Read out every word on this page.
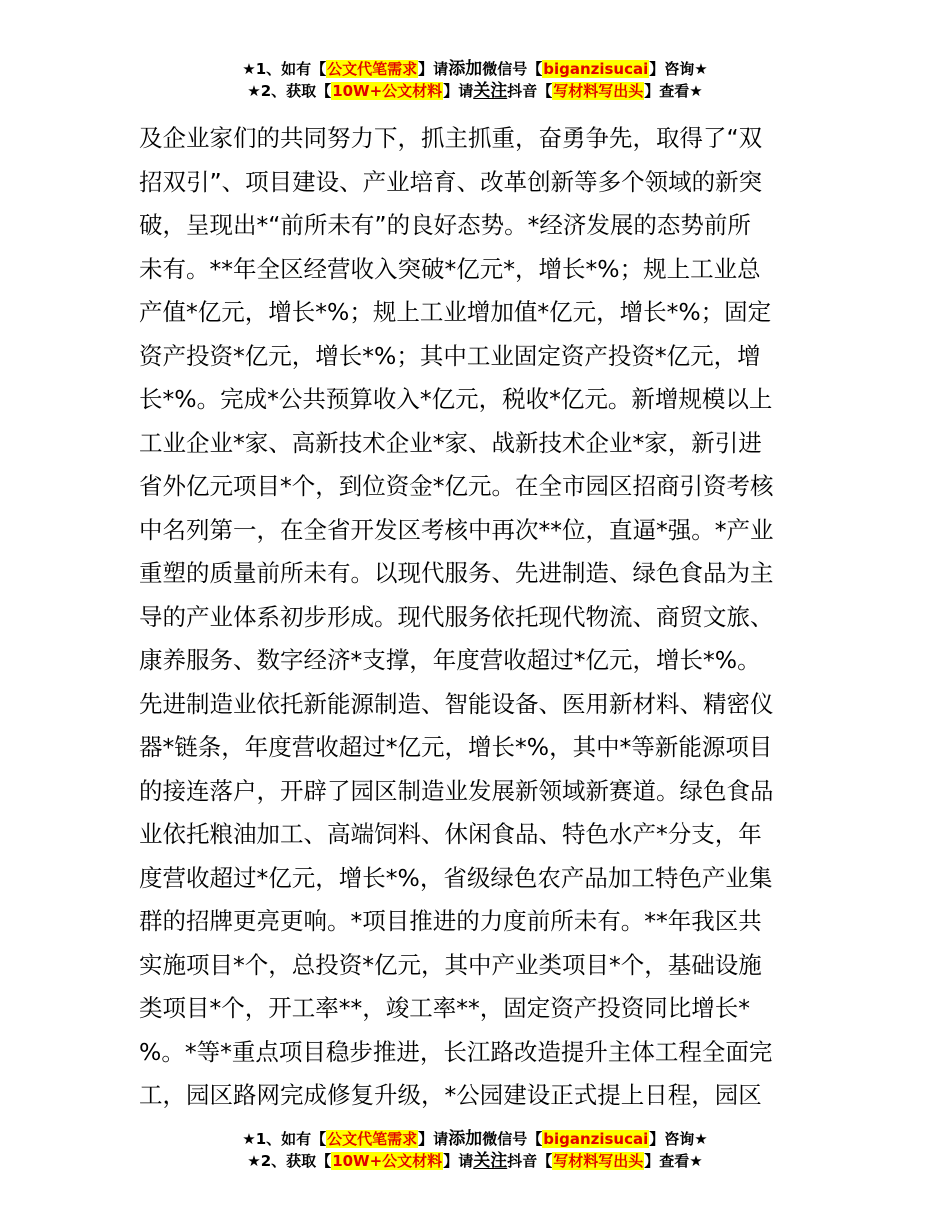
★1、如有【公文代笔需求】请添加微信号【biganzisucai】咨询★
★2、获取【10W+公文材料】请关注抖音【写材料写出头】查看★
及企业家们的共同努力下，抓主抓重，奋勇争先，取得了“双
招双引”、项目建设、产业培育、改革创新等多个领域的新突
破，呈现出*“前所未有”的良好态势。*经济发展的态势前所
未有。**年全区经营收入突破*亿元*，增长*%；规上工业总
产值*亿元，增长*%；规上工业增加值*亿元，增长*%；固定
资产投资*亿元，增长*%；其中工业固定资产投资*亿元，增
长*%。完成*公共预算收入*亿元，税收*亿元。新增规模以上
工业企业*家、高新技术企业*家、战新技术企业*家，新引进
省外亿元项目*个，到位资金*亿元。在全市园区招商引资考核
中名列第一，在全省开发区考核中再次**位，直逼*强。*产业
重塑的质量前所未有。以现代服务、先进制造、绿色食品为主
导的产业体系初步形成。现代服务依托现代物流、商贸文旅、
康养服务、数字经济*支撑，年度营收超过*亿元，增长*%。
先进制造业依托新能源制造、智能设备、医用新材料、精密仪
器*链条，年度营收超过*亿元，增长*%，其中*等新能源项目
的接连落户，开辟了园区制造业发展新领域新赛道。绿色食品
业依托粮油加工、高端饲料、休闲食品、特色水产*分支，年
度营收超过*亿元，增长*%，省级绿色农产品加工特色产业集
群的招牌更亮更响。*项目推进的力度前所未有。**年我区共
实施项目*个，总投资*亿元，其中产业类项目*个，基础设施
类项目*个，开工率**，竣工率**，固定资产投资同比增长*
%。*等*重点项目稳步推进，长江路改造提升主体工程全面完
工，园区路网完成修复升级，*公园建设正式提上日程，园区
★1、如有【公文代笔需求】请添加微信号【biganzisucai】咨询★
★2、获取【10W+公文材料】请关注抖音【写材料写出头】查看★
